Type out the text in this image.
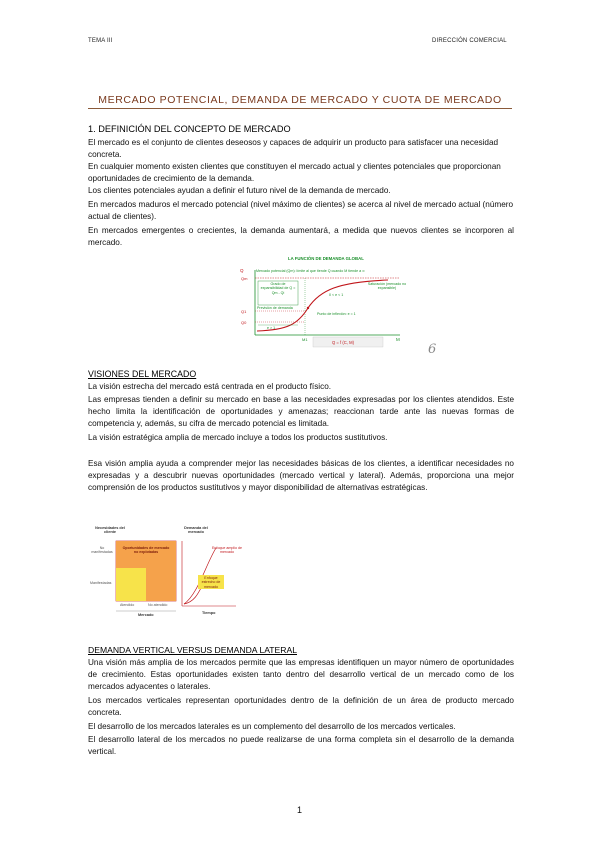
TEMA III	DIRECCIÓN COMERCIAL
MERCADO POTENCIAL, DEMANDA DE MERCADO Y CUOTA DE MERCADO
1. DEFINICIÓN DEL CONCEPTO DE MERCADO
El mercado es el conjunto de clientes deseosos y capaces de adquirir un producto para satisfacer una necesidad concreta.
En cualquier momento existen clientes que constituyen el mercado actual y clientes potenciales que proporcionan oportunidades de crecimiento de la demanda.
Los clientes potenciales ayudan a definir el futuro nivel de la demanda de mercado.
En mercados maduros el mercado potencial (nivel máximo de clientes) se acerca al nivel de mercado actual (número actual de clientes).
En mercados emergentes o crecientes, la demanda aumentará, a medida que nuevos clientes se incorporen al mercado.
LA FUNCIÓN DE DEMANDA GLOBAL
Q
Qm
Q1
Q0
M1	M
Mercado potencial (Qm): límite al que tiende Q cuando M tiende a ∞
Grado de expansibilidad de Q = Qm - Qi
0 < e < 1
Punto de inflexión: e = 1
Saturación (mercado no expansible)
Previsión de demanda
e > 1
Q = f (C, M)	6
VISIONES DEL MERCADO
La visión estrecha del mercado está centrada en el producto físico.
Las empresas tienden a definir su mercado en base a las necesidades expresadas por los clientes atendidos. Este hecho limita la identificación de oportunidades y amenazas; reaccionan tarde ante las nuevas formas de competencia y, además, su cifra de mercado potencial es limitada.
La visión estratégica amplia de mercado incluye a todos los productos sustitutivos.
Esa visión amplia ayuda a comprender mejor las necesidades básicas de los clientes, a identificar necesidades no expresadas y a descubrir nuevas oportunidades (mercado vertical y lateral). Además, proporciona una mejor comprensión de los productos sustitutivos y mayor disponibilidad de alternativas estratégicas.
Necesidades del cliente
Demanda del mercado
Oportunidades de mercado no explotadas
No manifestadas
Manifestadas
Atendido	No atendido
Mercado
Enfoque amplio de mercado
Enfoque estrecho de mercado
Tiempo
DEMANDA VERTICAL VERSUS DEMANDA LATERAL
Una visión más amplia de los mercados permite que las empresas identifiquen un mayor número de oportunidades de crecimiento. Estas oportunidades existen tanto dentro del desarrollo vertical de un mercado como de los mercados adyacentes o laterales.
Los mercados verticales representan oportunidades dentro de la definición de un área de producto mercado concreta.
El desarrollo de los mercados laterales es un complemento del desarrollo de los mercados verticales.
El desarrollo lateral de los mercados no puede realizarse de una forma completa sin el desarrollo de la demanda vertical.
1
